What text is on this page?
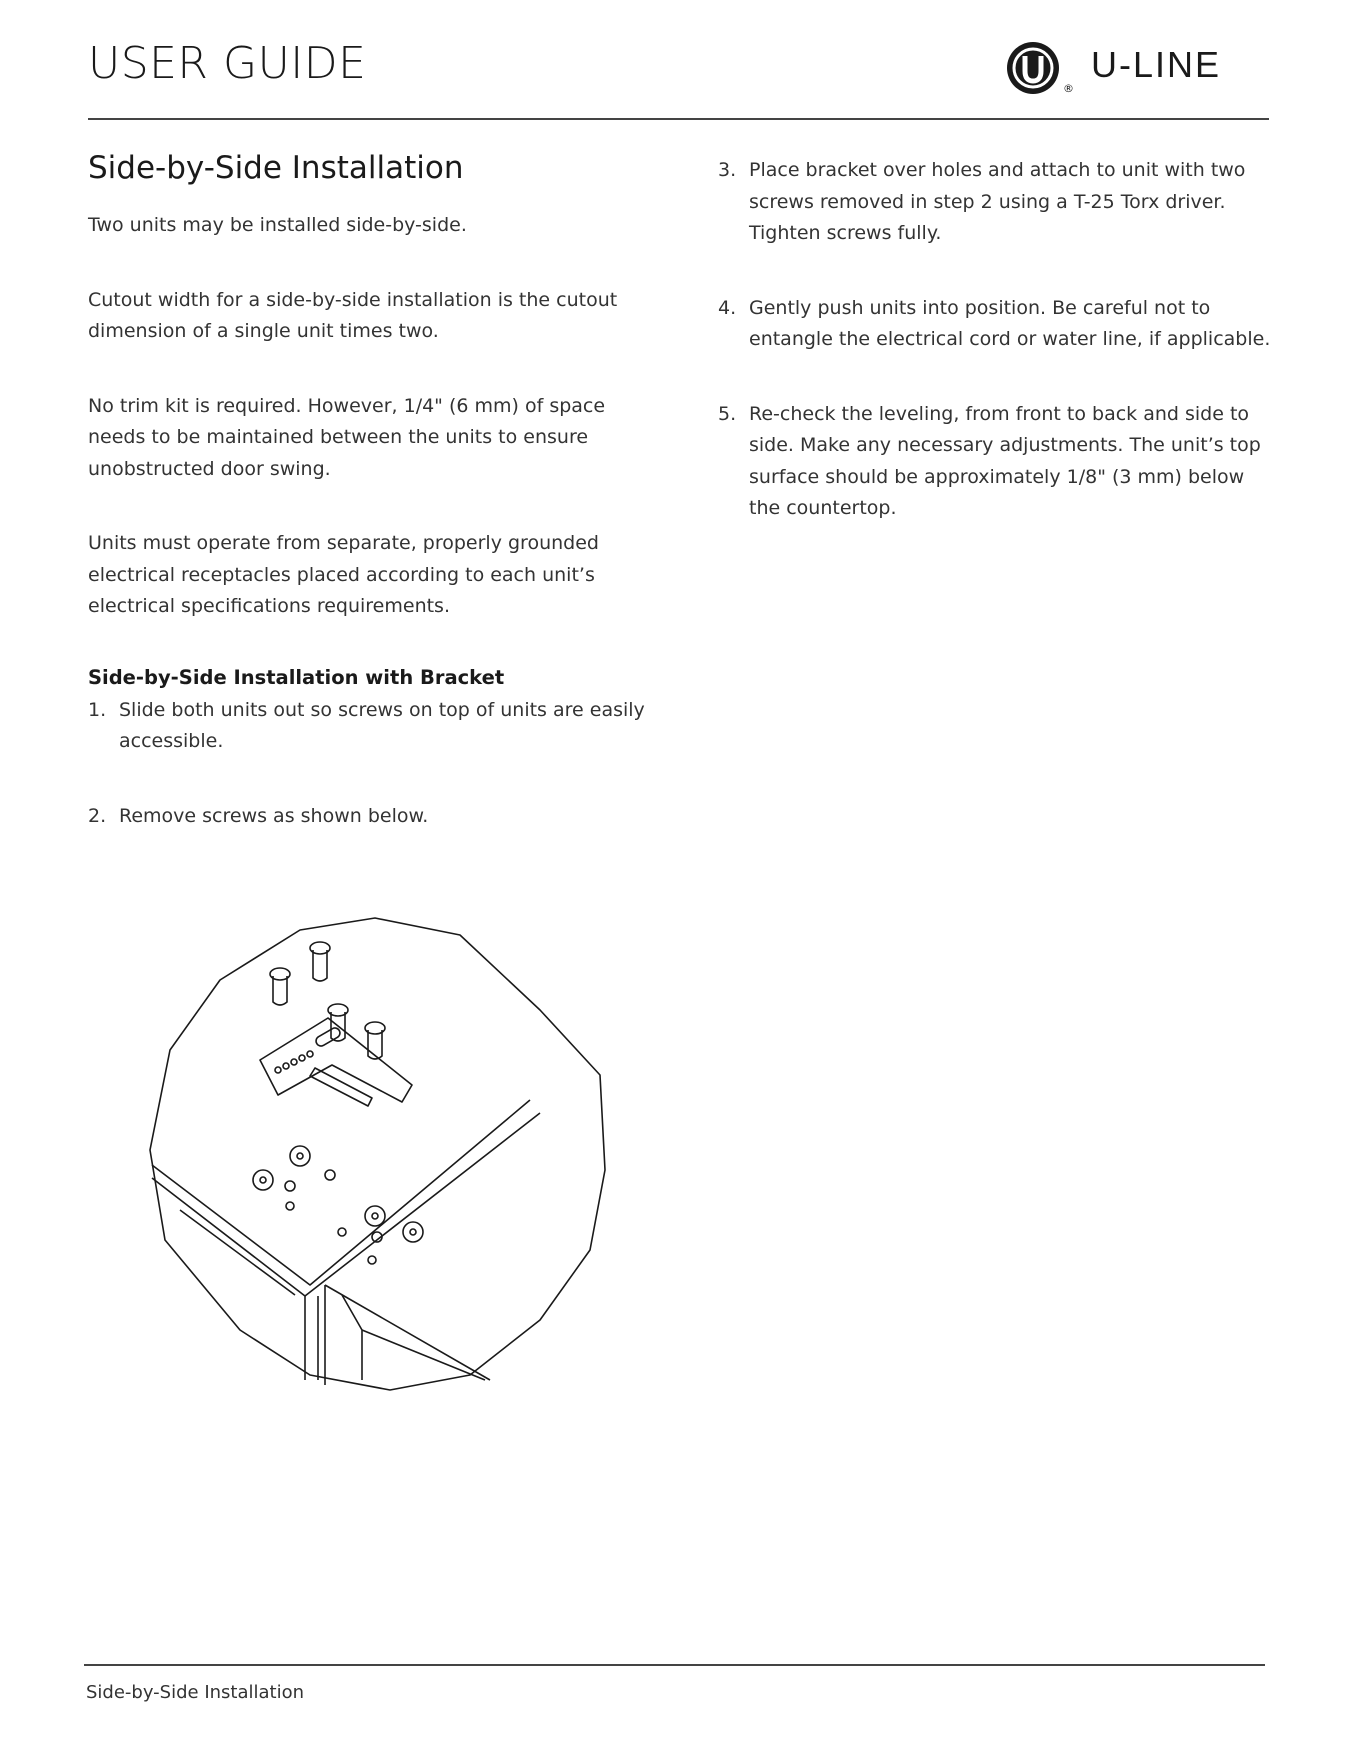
USER GUIDE	®
U-LINE
Side-by-Side Installation

Two units may be installed side-by-side.

Cutout width for a side-by-side installation is the cutout dimension of a single unit times two.

No trim kit is required. However, 1/4" (6 mm) of space needs to be maintained between the units to ensure unobstructed door swing.

Units must operate from separate, properly grounded electrical receptacles placed according to each unit’s electrical specifications requirements.

Side-by-Side Installation with Bracket
1. Slide both units out so screws on top of units are easily accessible.
2. Remove screws as shown below.
3. Place bracket over holes and attach to unit with two screws removed in step 2 using a T-25 Torx driver. Tighten screws fully.
4. Gently push units into position. Be careful not to entangle the electrical cord or water line, if applicable.
5. Re-check the leveling, from front to back and side to side. Make any necessary adjustments. The unit’s top surface should be approximately 1/8" (3 mm) below the countertop.
Side-by-Side Installation
